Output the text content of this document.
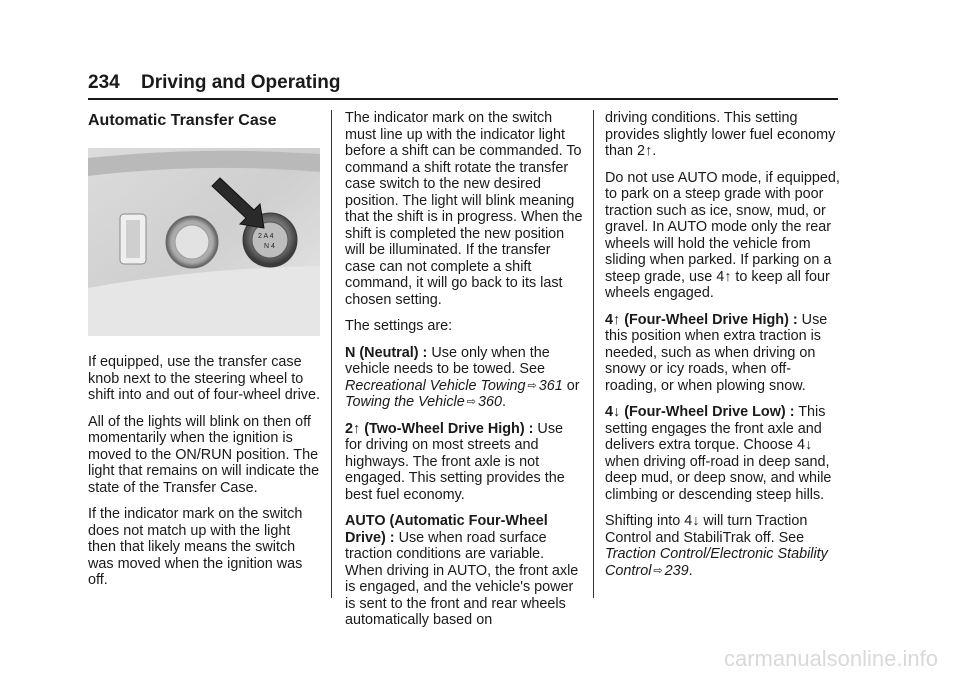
234 Driving and Operating
Automatic Transfer Case
2 A 4
N 4

If equipped, use the transfer case knob next to the steering wheel to shift into and out of four-wheel drive.

All of the lights will blink on then off momentarily when the ignition is moved to the ON/RUN position. The light that remains on will indicate the state of the Transfer Case.

If the indicator mark on the switch does not match up with the light then that likely means the switch was moved when the ignition was off.

The indicator mark on the switch must line up with the indicator light before a shift can be commanded. To command a shift rotate the transfer case switch to the new desired position. The light will blink meaning that the shift is in progress. When the shift is completed the new position will be illuminated. If the transfer case can not complete a shift command, it will go back to its last chosen setting.

The settings are:

N (Neutral) : Use only when the vehicle needs to be towed. See Recreational Vehicle Towing ⇨ 361 or Towing the Vehicle ⇨ 360.

2↑ (Two-Wheel Drive High) : Use for driving on most streets and highways. The front axle is not engaged. This setting provides the best fuel economy.

AUTO (Automatic Four-Wheel Drive) : Use when road surface traction conditions are variable. When driving in AUTO, the front axle is engaged, and the vehicle's power is sent to the front and rear wheels automatically based on

driving conditions. This setting provides slightly lower fuel economy than 2↑.

Do not use AUTO mode, if equipped, to park on a steep grade with poor traction such as ice, snow, mud, or gravel. In AUTO mode only the rear wheels will hold the vehicle from sliding when parked. If parking on a steep grade, use 4↑ to keep all four wheels engaged.

4↑ (Four-Wheel Drive High) : Use this position when extra traction is needed, such as when driving on snowy or icy roads, when off-roading, or when plowing snow.

4↓ (Four-Wheel Drive Low) : This setting engages the front axle and delivers extra torque. Choose 4↓ when driving off-road in deep sand, deep mud, or deep snow, and while climbing or descending steep hills.

Shifting into 4↓ will turn Traction Control and StabiliTrak off. See Traction Control/Electronic Stability Control ⇨ 239.

carmanualsonline.info
